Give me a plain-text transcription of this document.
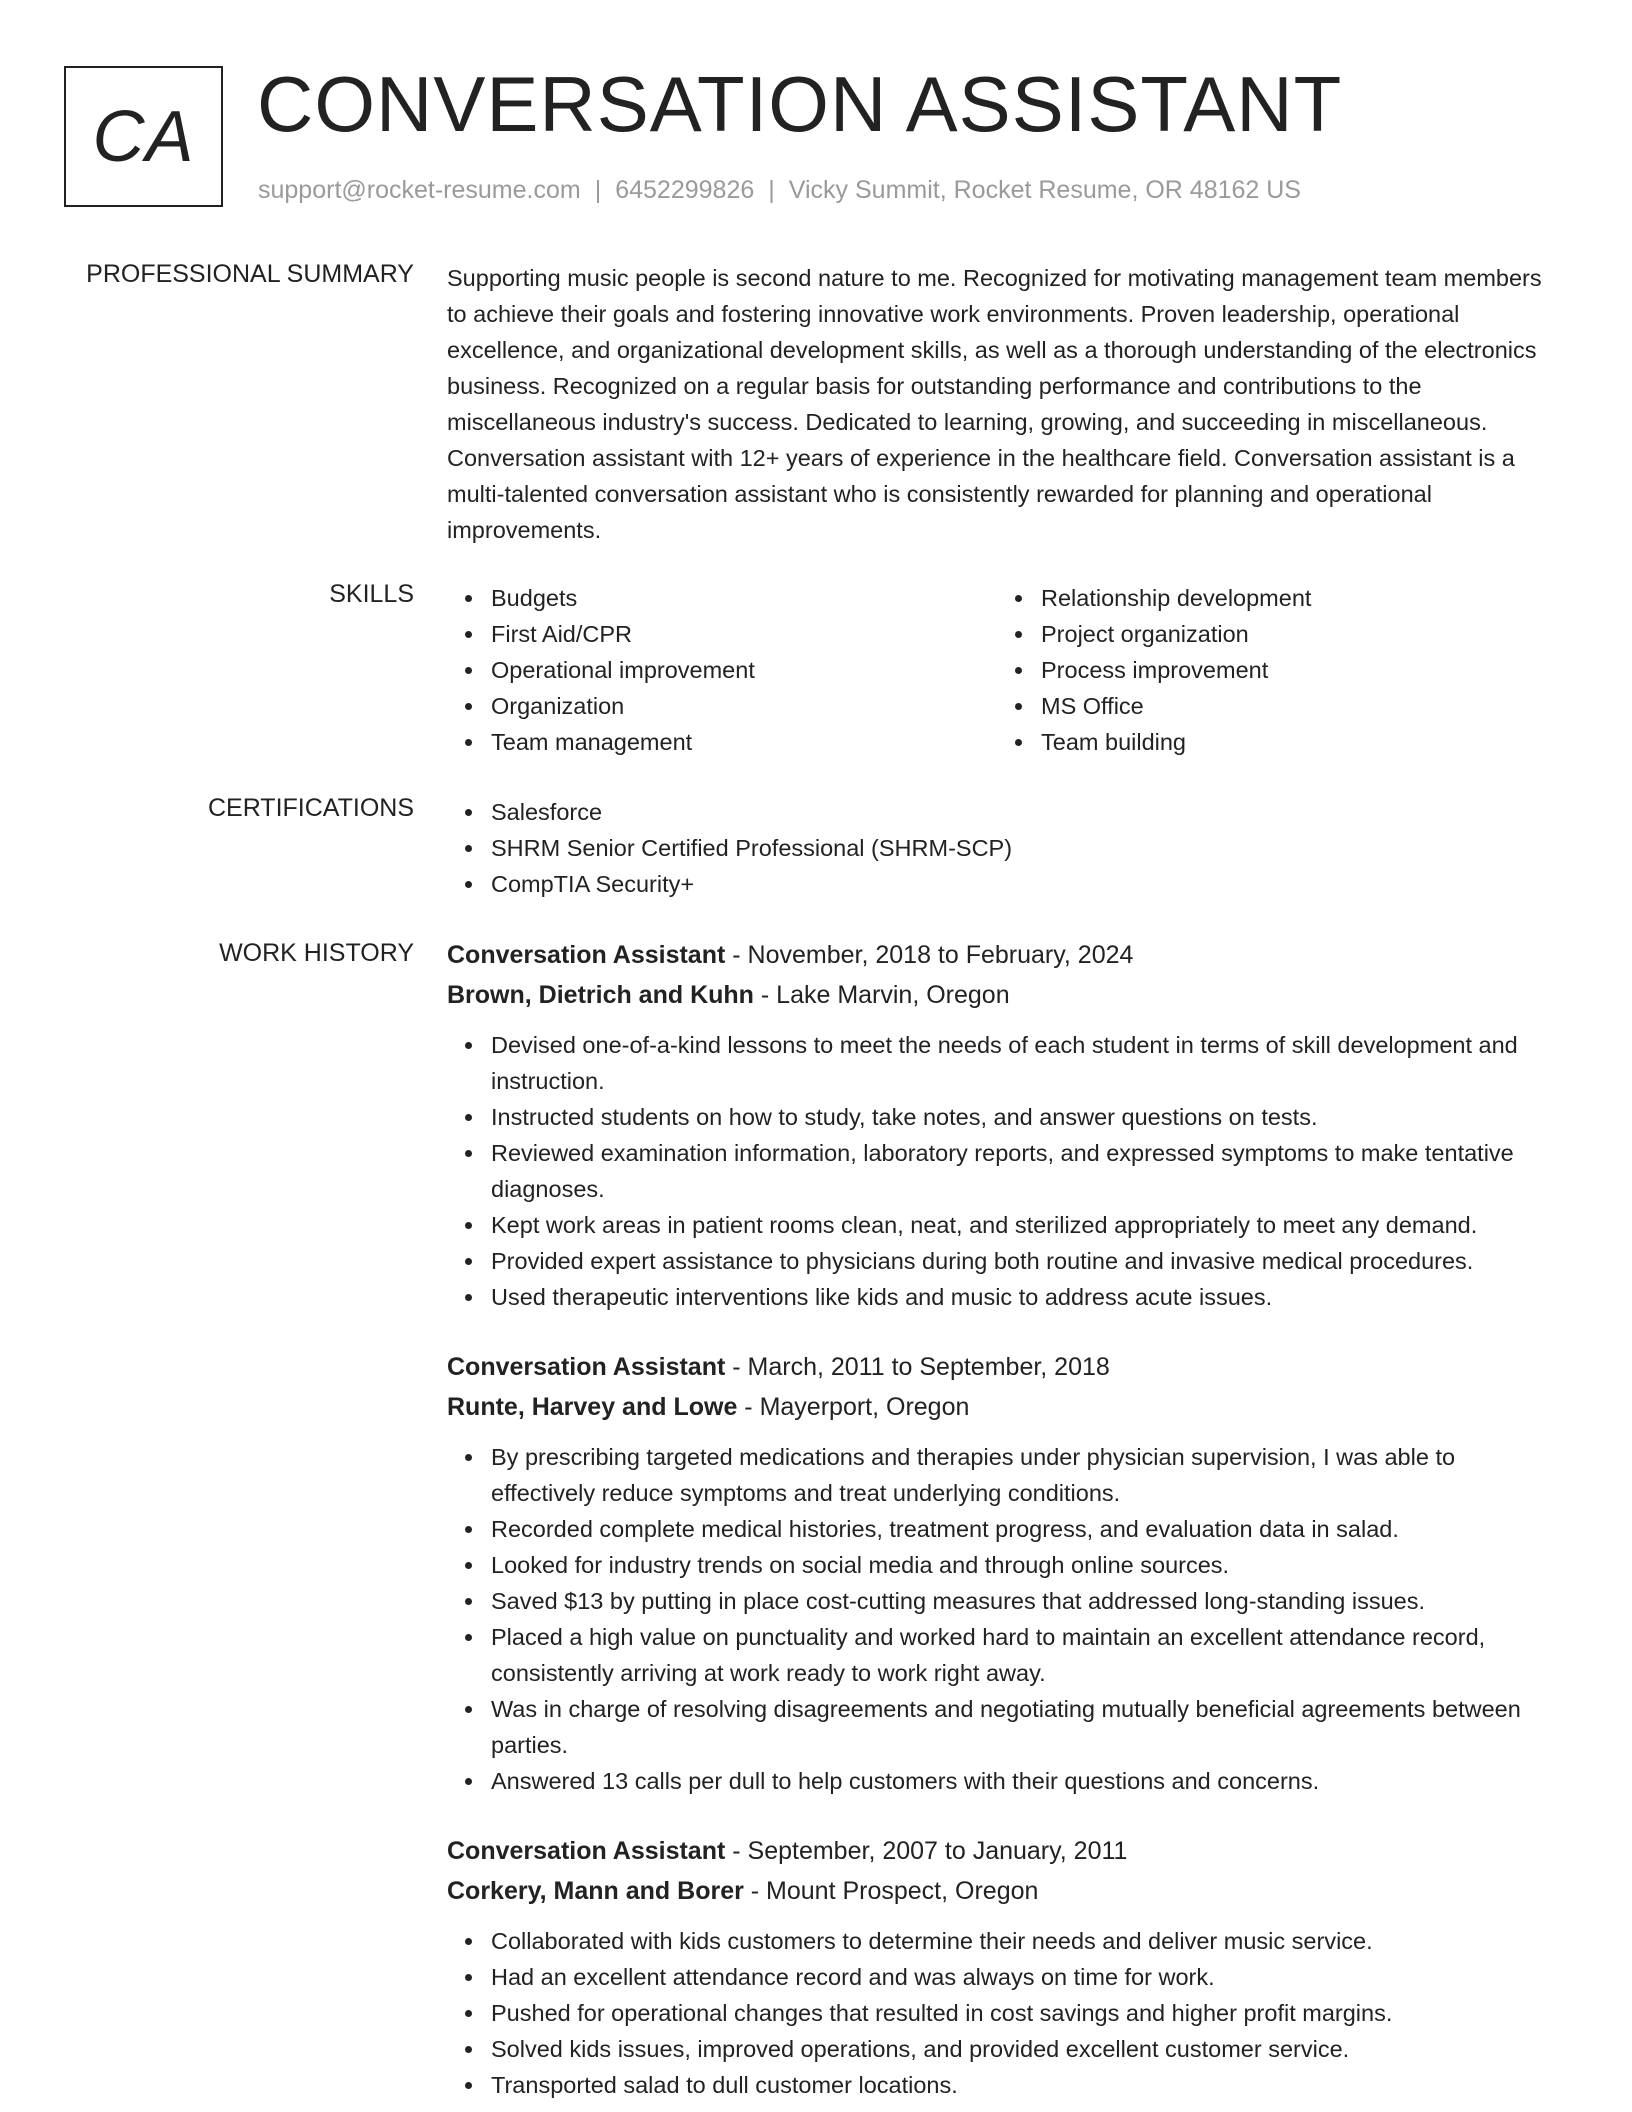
CA CONVERSATION ASSISTANT
support@rocket-resume.com | 6452299826 | Vicky Summit, Rocket Resume, OR 48162 US
PROFESSIONAL SUMMARY Supporting music people is second nature to me. Recognized for motivating management team members to achieve their goals and fostering innovative work environments. Proven leadership, operational excellence, and organizational development skills, as well as a thorough understanding of the electronics business. Recognized on a regular basis for outstanding performance and contributions to the miscellaneous industry's success. Dedicated to learning, growing, and succeeding in miscellaneous. Conversation assistant with 12+ years of experience in the healthcare field. Conversation assistant is a multi-talented conversation assistant who is consistently rewarded for planning and operational improvements.

SKILLS	Budgets
First Aid/CPR
Operational improvement
Organization
Team management
Relationship development
Project organization
Process improvement
MS Office
Team building
CERTIFICATIONS	Salesforce
SHRM Senior Certified Professional (SHRM-SCP)
CompTIA Security+
WORK HISTORY Conversation Assistant - November, 2018 to February, 2024
Brown, Dietrich and Kuhn - Lake Marvin, Oregon
Devised one-of-a-kind lessons to meet the needs of each student in terms of skill development and instruction.
Instructed students on how to study, take notes, and answer questions on tests.
Reviewed examination information, laboratory reports, and expressed symptoms to make tentative diagnoses.
Kept work areas in patient rooms clean, neat, and sterilized appropriately to meet any demand.
Provided expert assistance to physicians during both routine and invasive medical procedures.
Used therapeutic interventions like kids and music to address acute issues.
Conversation Assistant - March, 2011 to September, 2018
Runte, Harvey and Lowe - Mayerport, Oregon
By prescribing targeted medications and therapies under physician supervision, I was able to effectively reduce symptoms and treat underlying conditions.
Recorded complete medical histories, treatment progress, and evaluation data in salad.
Looked for industry trends on social media and through online sources.
Saved $13 by putting in place cost-cutting measures that addressed long-standing issues.
Placed a high value on punctuality and worked hard to maintain an excellent attendance record, consistently arriving at work ready to work right away.
Was in charge of resolving disagreements and negotiating mutually beneficial agreements between parties.
Answered 13 calls per dull to help customers with their questions and concerns.
Conversation Assistant - September, 2007 to January, 2011
Corkery, Mann and Borer - Mount Prospect, Oregon
Collaborated with kids customers to determine their needs and deliver music service.
Had an excellent attendance record and was always on time for work.
Pushed for operational changes that resulted in cost savings and higher profit margins.
Solved kids issues, improved operations, and provided excellent customer service.
Transported salad to dull customer locations.
